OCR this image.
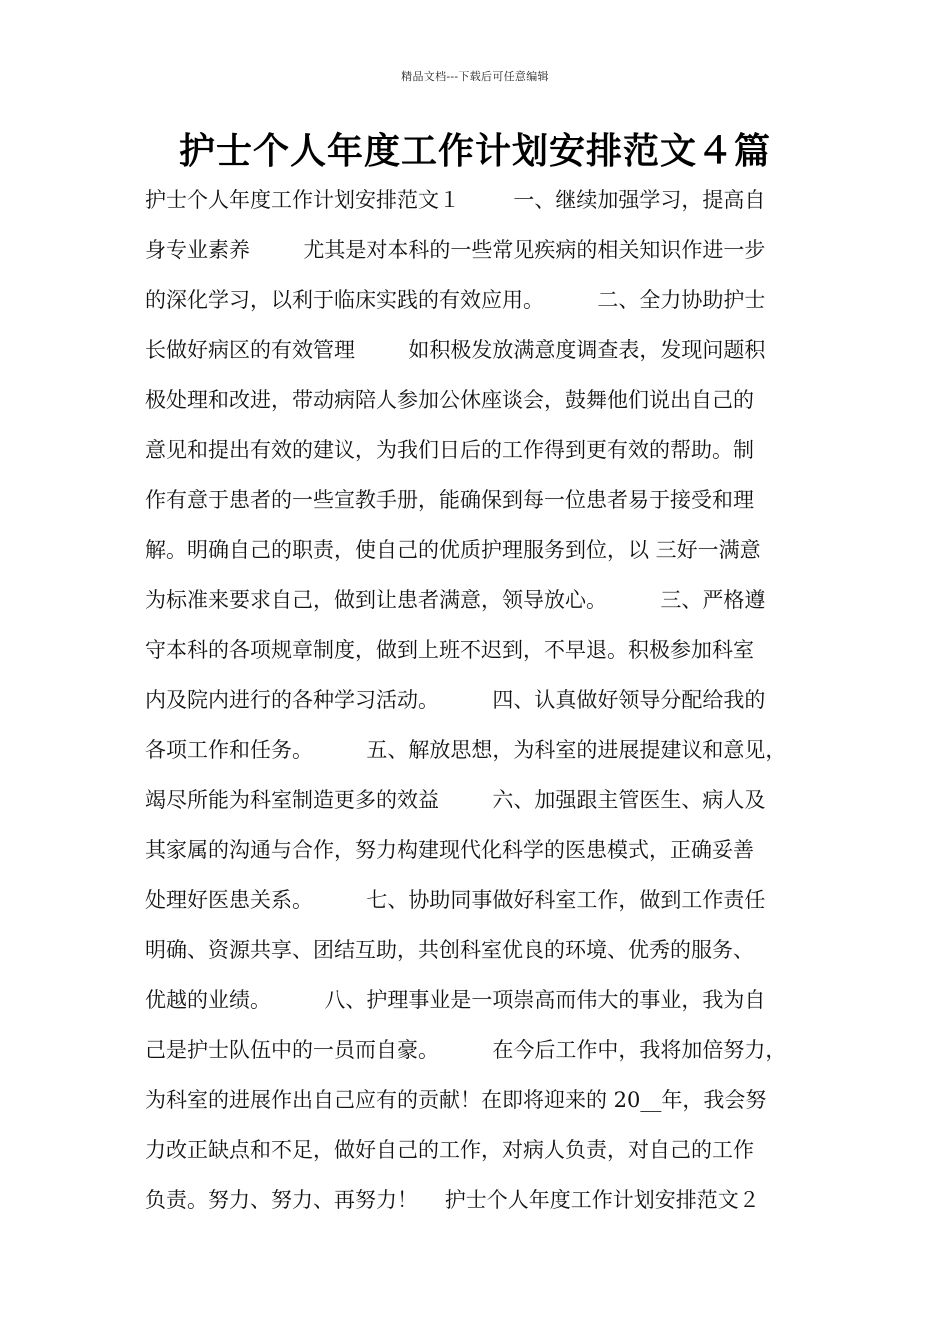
精品文档---下载后可任意编辑
护士个人年度工作计划安排范文４篇
护士个人年度工作计划安排范文１        一、继续加强学习，提高自
身专业素养        尤其是对本科的一些常见疾病的相关知识作进一步
的深化学习，以利于临床实践的有效应用。        二、全力协助护士
长做好病区的有效管理        如积极发放满意度调查表，发现问题积
极处理和改进，带动病陪人参加公休座谈会，鼓舞他们说出自己的
意见和提出有效的建议，为我们日后的工作得到更有效的帮助。制
作有意于患者的一些宣教手册，能确保到每一位患者易于接受和理
解。明确自己的职责，使自己的优质护理服务到位，以 三好一满意
为标准来要求自己，做到让患者满意，领导放心。        三、严格遵
守本科的各项规章制度，做到上班不迟到，不早退。积极参加科室
内及院内进行的各种学习活动。        四、认真做好领导分配给我的
各项工作和任务。        五、解放思想，为科室的进展提建议和意见，
竭尽所能为科室制造更多的效益        六、加强跟主管医生、病人及
其家属的沟通与合作，努力构建现代化科学的医患模式，正确妥善
处理好医患关系。        七、协助同事做好科室工作，做到工作责任
明确、资源共享、团结互助，共创科室优良的环境、优秀的服务、
优越的业绩。        八、护理事业是一项崇高而伟大的事业，我为自
己是护士队伍中的一员而自豪。        在今后工作中，我将加倍努力，
为科室的进展作出自己应有的贡献！在即将迎来的 20__年，我会努
力改正缺点和不足，做好自己的工作，对病人负责，对自己的工作
负责。努力、努力、再努力！    护士个人年度工作计划安排范文２
